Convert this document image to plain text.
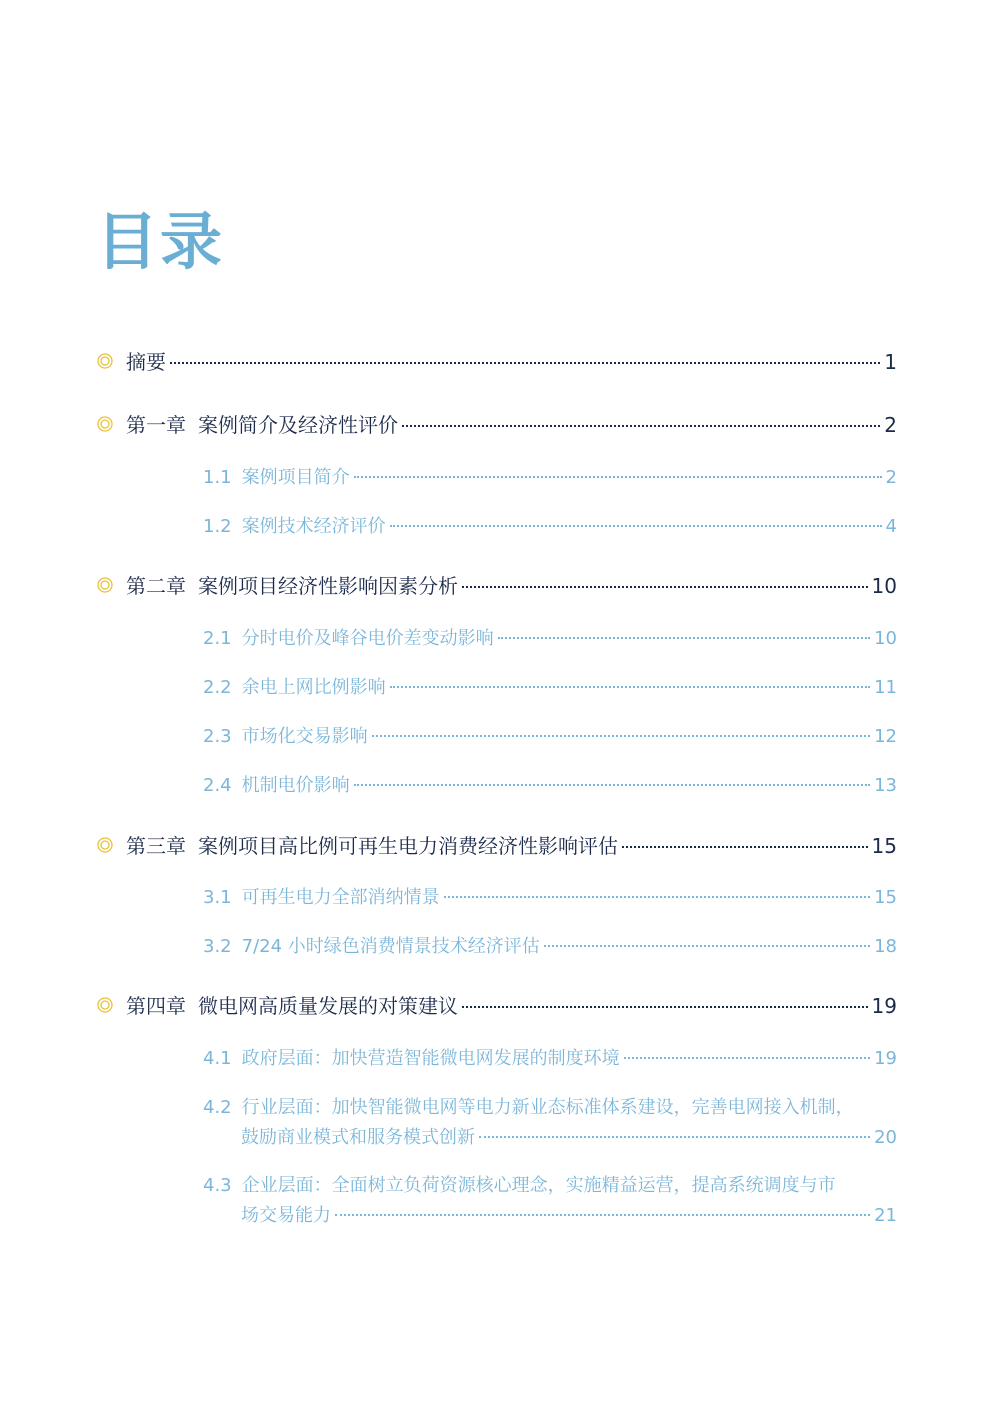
目录
摘要	1
第一章 案例简介及经济性评价	2
1.1 案例项目简介	2
1.2 案例技术经济评价	4
第二章 案例项目经济性影响因素分析	10
2.1 分时电价及峰谷电价差变动影响	10
2.2 余电上网比例影响	11
2.3 市场化交易影响	12
2.4 机制电价影响	13
第三章 案例项目高比例可再生电力消费经济性影响评估	15
3.1 可再生电力全部消纳情景	15
3.2 7/24 小时绿色消费情景技术经济评估	18
第四章 微电网高质量发展的对策建议	19
4.1 政府层面：加快营造智能微电网发展的制度环境	19
4.2 行业层面：加快智能微电网等电力新业态标准体系建设，完善电网接入机制，
鼓励商业模式和服务模式创新	20
4.3 企业层面：全面树立负荷资源核心理念，实施精益运营，提高系统调度与市
场交易能力	21
